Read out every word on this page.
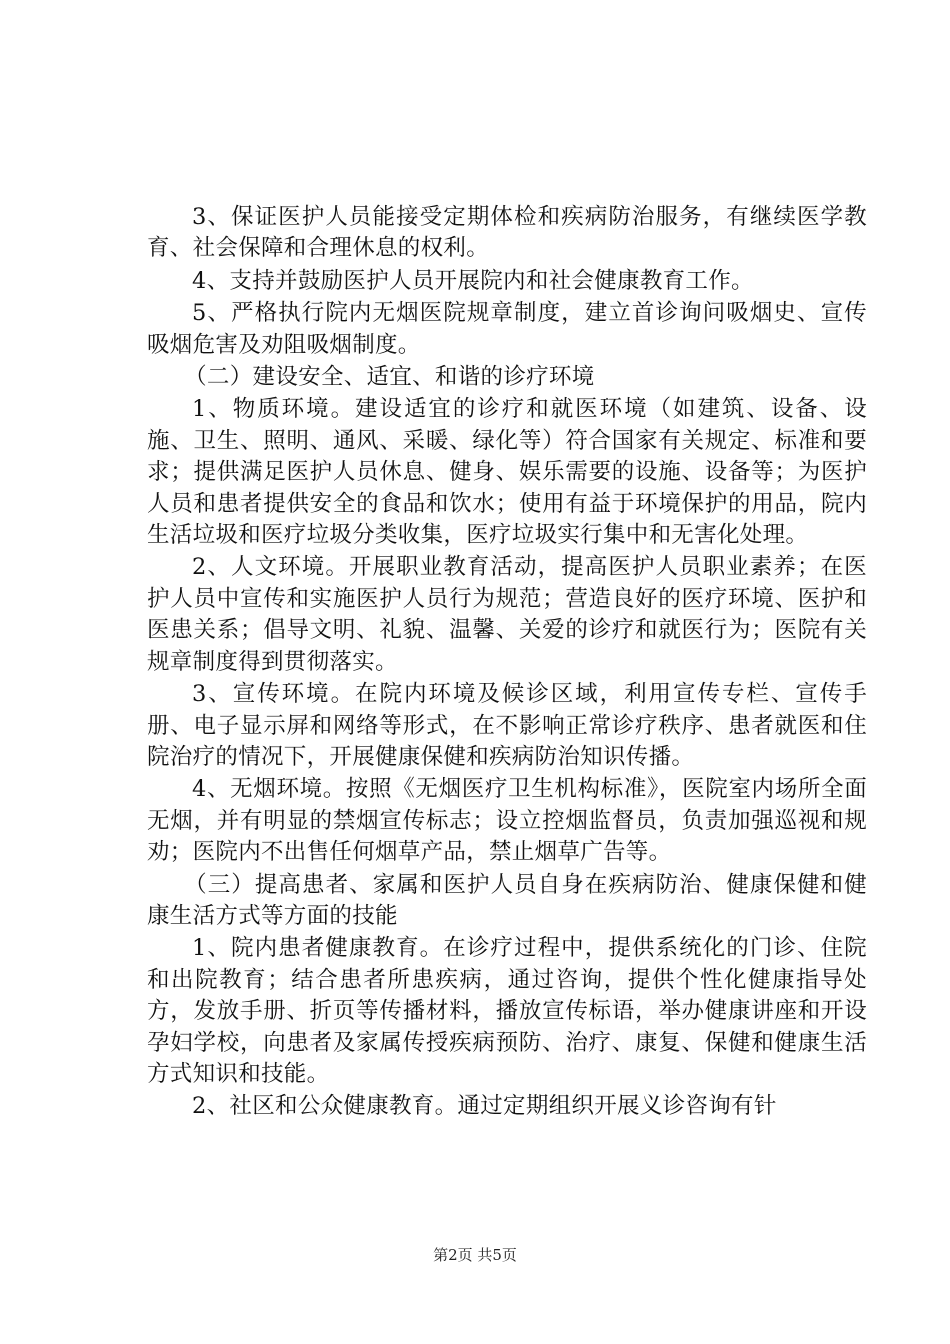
3、保证医护人员能接受定期体检和疾病防治服务，有继续医学教育、社会保障和合理休息的权利。

4、支持并鼓励医护人员开展院内和社会健康教育工作。

5、严格执行院内无烟医院规章制度，建立首诊询问吸烟史、宣传吸烟危害及劝阻吸烟制度。

（二）建设安全、适宜、和谐的诊疗环境

1、物质环境。建设适宜的诊疗和就医环境（如建筑、设备、设施、卫生、照明、通风、采暖、绿化等）符合国家有关规定、标准和要求；提供满足医护人员休息、健身、娱乐需要的设施、设备等；为医护人员和患者提供安全的食品和饮水；使用有益于环境保护的用品，院内生活垃圾和医疗垃圾分类收集，医疗垃圾实行集中和无害化处理。

2、人文环境。开展职业教育活动，提高医护人员职业素养；在医护人员中宣传和实施医护人员行为规范；营造良好的医疗环境、医护和医患关系；倡导文明、礼貌、温馨、关爱的诊疗和就医行为；医院有关规章制度得到贯彻落实。

3、宣传环境。在院内环境及候诊区域，利用宣传专栏、宣传手册、电子显示屏和网络等形式，在不影响正常诊疗秩序、患者就医和住院治疗的情况下，开展健康保健和疾病防治知识传播。

4、无烟环境。按照《无烟医疗卫生机构标准》，医院室内场所全面无烟，并有明显的禁烟宣传标志；设立控烟监督员，负责加强巡视和规劝；医院内不出售任何烟草产品，禁止烟草广告等。

（三）提高患者、家属和医护人员自身在疾病防治、健康保健和健康生活方式等方面的技能

1、院内患者健康教育。在诊疗过程中，提供系统化的门诊、住院和出院教育；结合患者所患疾病，通过咨询，提供个性化健康指导处方，发放手册、折页等传播材料，播放宣传标语，举办健康讲座和开设孕妇学校，向患者及家属传授疾病预防、治疗、康复、保健和健康生活方式知识和技能。

2、社区和公众健康教育。通过定期组织开展义诊咨询有针

第2页 共5页
